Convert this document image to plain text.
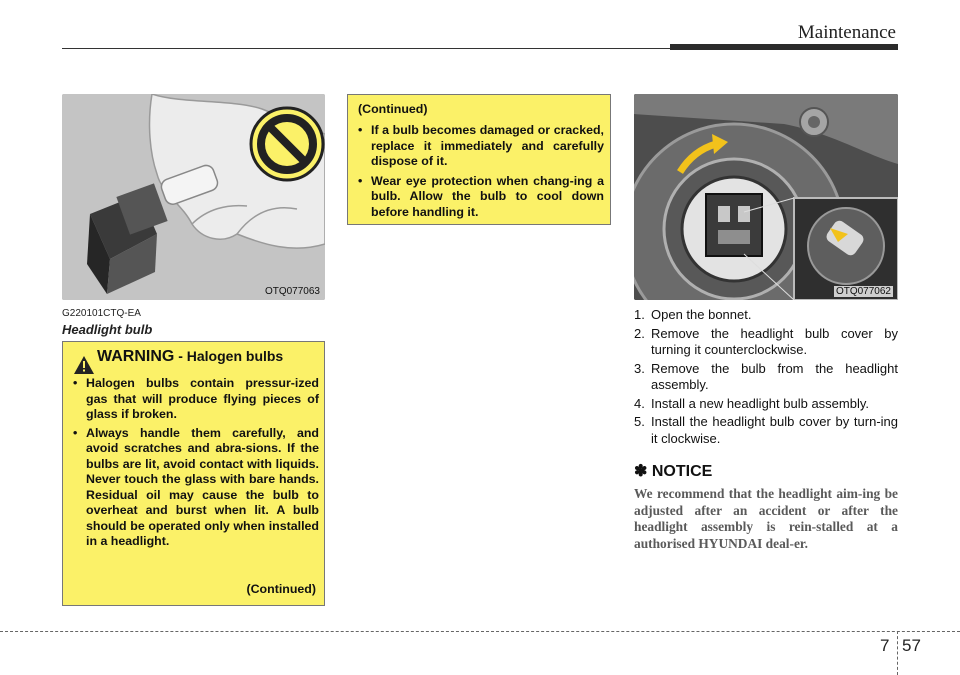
Maintenance
OTQ077063
G220101CTQ-EA
Headlight bulb
WARNING - Halogen bulbs
• Halogen bulbs contain pressur-ized gas that will produce flying pieces of glass if broken.
• Always handle them carefully, and avoid scratches and abra-sions. If the bulbs are lit, avoid contact with liquids. Never touch the glass with bare hands. Residual oil may cause the bulb to overheat and burst when lit. A bulb should be operated only when installed in a headlight.
(Continued)
(Continued)
• If a bulb becomes damaged or cracked, replace it immediately and carefully dispose of it.
• Wear eye protection when chang-ing a bulb. Allow the bulb to cool down before handling it.
OTQ077062
1. Open the bonnet.
2. Remove the headlight bulb cover by turning it counterclockwise.
3. Remove the bulb from the headlight assembly.
4. Install a new headlight bulb assembly.
5. Install the headlight bulb cover by turn-ing it clockwise.
✽ NOTICE
We recommend that the headlight aim-ing be adjusted after an accident or after the headlight assembly is rein-stalled at a authorised HYUNDAI deal-er.
7 57
